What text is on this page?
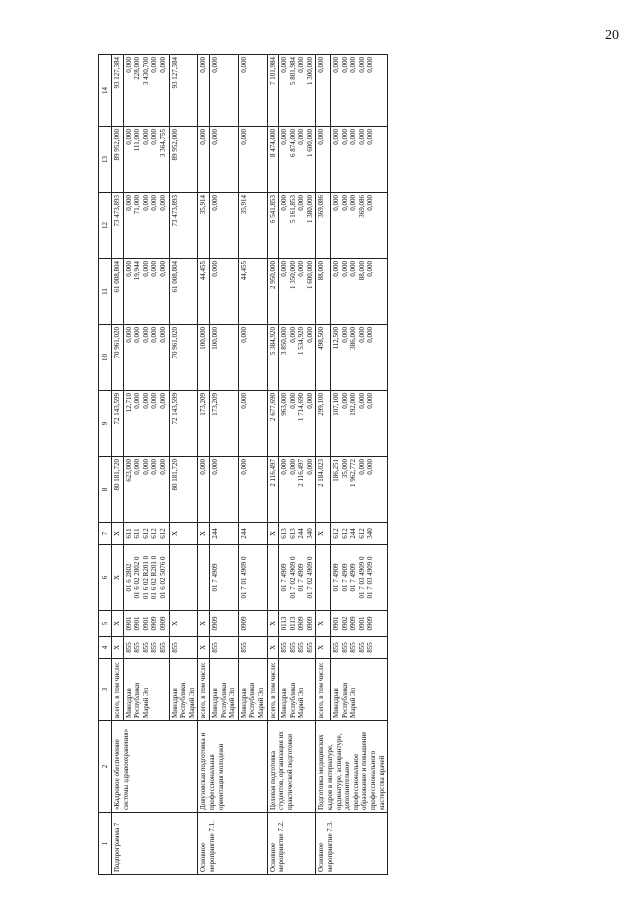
20
1	2	3	4	5	6	7	8	9	10	11	12	13	14
Подпрограмма 7	«Кадровое обеспечение системы здравоохранения»	всего, в том числе:	X	X	X	X	80 181,720	72 143,599	70 961,020	61 008,804	73 473,893	89 952,000	93 127,384

		Минздрав Республики Марий Эл	855 855 855 855 855	0901 0901 0901 0909 0909	01 6 2802 01 6 02 2802 0 01 6 02 R201 0 01 6 02 R201 0 01 6 02 5076 0	611 611 612 612 612	623,000 0,000 0,000 0,000 0,000	12,710 0,000 0,000 0,000 0,000	0,000 0,000 0,000 0,000 0,000	0,000 19,944 0,000 0,000 0,000	0,000 71,000 0,000 0,000 0,000	0,000 111,000 0,000 0,000 3 364,755	0,000 228,000 3 430,700 0,000 0,000

		Минздрав Республики Марий Эл	855	X		X	80 181,720	72 143,599	70 961,020	61 008,804	73 473,893	89 952,000	93 127,384

Основное мероприятие 7.1.	Довузовская подготовка и профессиональная ориентация молодежи	всего, в том числе:	X	X		X	0,000	173,209	100,000	44,455	35,914	0,000	0,000

		Минздрав Республики Марий Эл	855	0909	01 7 4909	244	0,000	173,209	100,000	0,000	0,000	0,000	0,000

		Минздрав Республики Марий Эл	855	0909	01 7 01 4909 0	244	0,000	0,000	0,000	44,455	35,914	0,000	0,000

Основное мероприятие 7.2.	Целевая подготовка студентов, организация их практической подготовки	всего, в том числе:	X	X		X	2 116,497	2 677,690	5 384,920	2 950,000	6 541,853	8 474,000	7 101,984

		Минздрав Республики Марий Эл	855 855 855 855	0113 0113 0909 0909	01 7 4909 01 7 02 4909 0 01 7 4909 01 7 02 4909 0	613 613 244 340	0,000 0,000 2 116,497 0,000	963,000 0,000 1 714,690 0,000	3 850,000 0,000 1 534,920 0,000	0,000 1 350,000 0,000 1 600,000	0,000 5 161,853 0,000 1 380,000	0,000 6 874,000 0,000 1 600,000	0,000 5 801,984 0,000 1 300,000

Основное мероприятие 7.3.	Подготовка медицинских кадров в интернатуре, ординатуре, аспирантуре, дополнительное профессиональное образование и повышение профессионального мастерства врачей	всего, в том числе:	X	X		X	2 184,023	299,100	498,500	88,000	369,086	0,000	0,000

		Минздрав Республики Марий Эл	855 855 855 855 855	0901 0902 0909 0901 0909	01 7 4909 01 7 4909 01 7 4909 01 7 03 4909 0 01 7 03 4909 0	612 612 244 612 340	186,251 35,000 1 962,772 0,000 0,000	107,100 0,000 192,000 0,000 0,000	112,500 0,000 386,000 0,000 0,000	0,000 0,000 0,000 88,000 0,000	0,000 0,000 0,000 369,086 0,000	0,000 0,000 0,000 0,000 0,000	0,000 0,000 0,000 0,000 0,000
